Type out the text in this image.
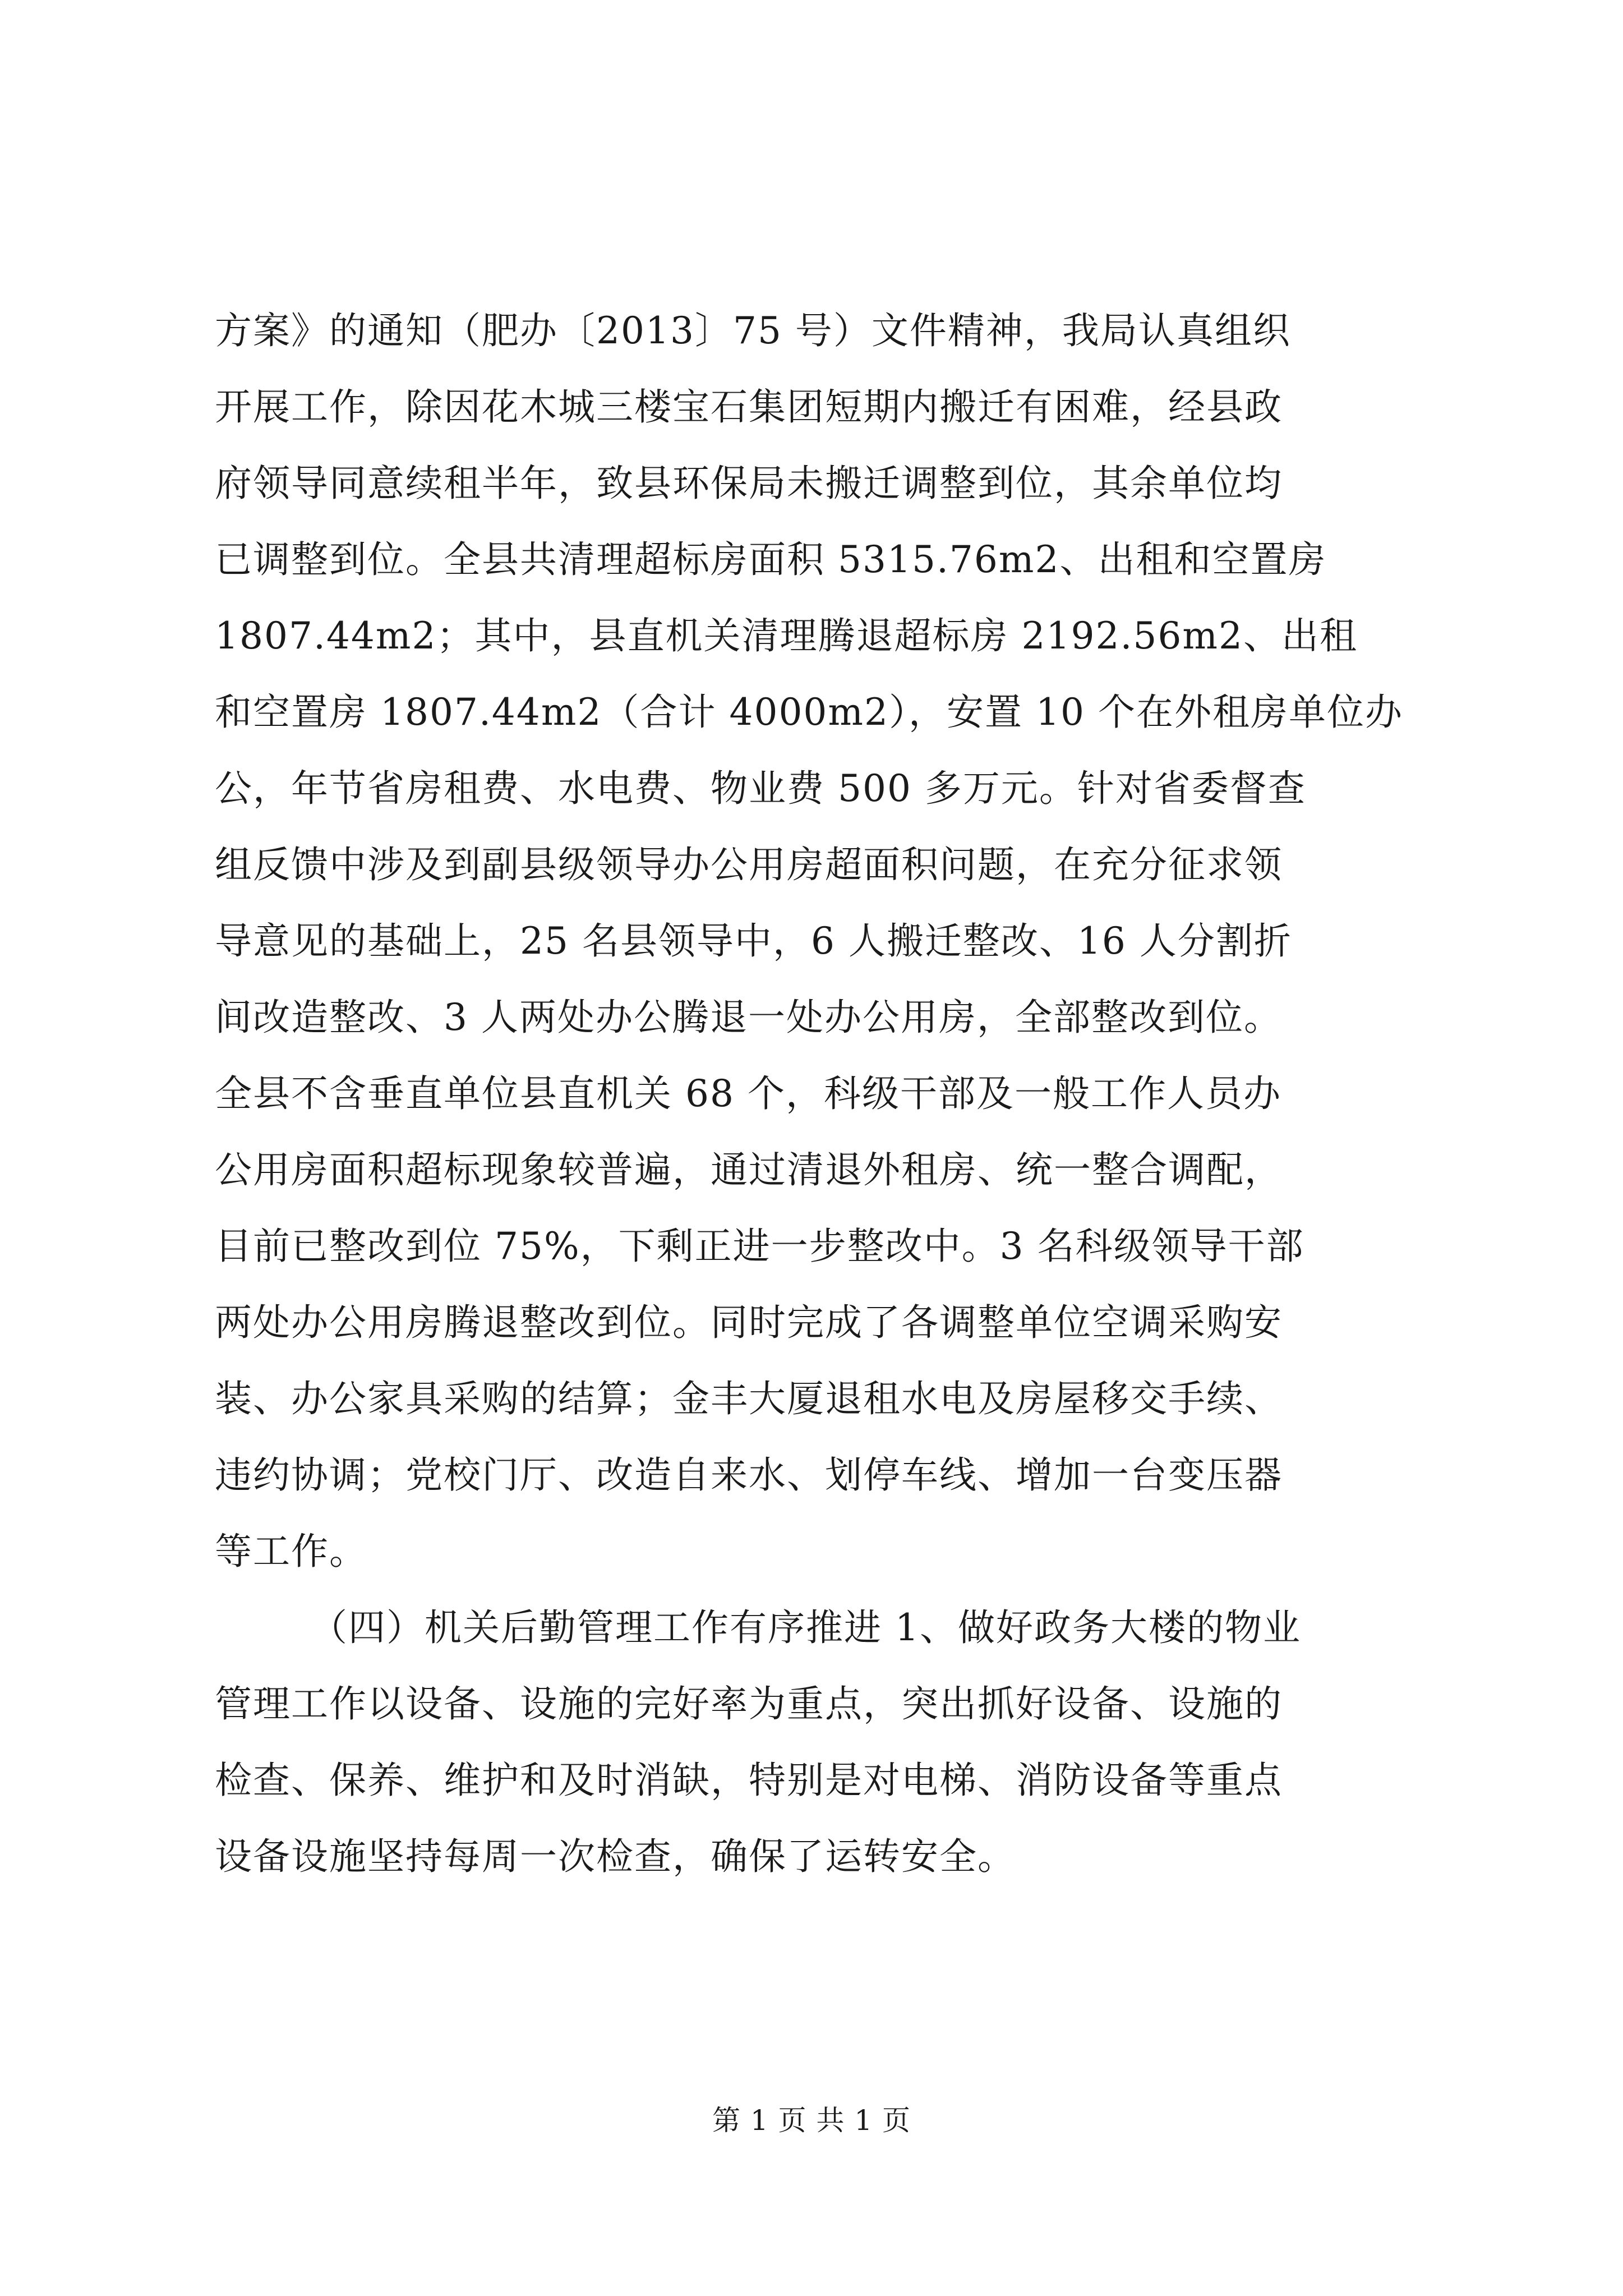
方案》的通知（肥办〔2013〕75 号）文件精神，我局认真组织
开展工作，除因花木城三楼宝石集团短期内搬迁有困难，经县政
府领导同意续租半年，致县环保局未搬迁调整到位，其余单位均
已调整到位。全县共清理超标房面积 5315.76m2、出租和空置房
1807.44m2；其中，县直机关清理腾退超标房 2192.56m2、出租
和空置房 1807.44m2（合计 4000m2），安置 10 个在外租房单位办
公，年节省房租费、水电费、物业费 500 多万元。针对省委督查
组反馈中涉及到副县级领导办公用房超面积问题，在充分征求领
导意见的基础上，25 名县领导中，6 人搬迁整改、16 人分割折
间改造整改、3 人两处办公腾退一处办公用房，全部整改到位。
全县不含垂直单位县直机关 68 个，科级干部及一般工作人员办
公用房面积超标现象较普遍，通过清退外租房、统一整合调配，
目前已整改到位 75%，下剩正进一步整改中。3 名科级领导干部
两处办公用房腾退整改到位。同时完成了各调整单位空调采购安
装、办公家具采购的结算；金丰大厦退租水电及房屋移交手续、
违约协调；党校门厅、改造自来水、划停车线、增加一台变压器
等工作。
（四）机关后勤管理工作有序推进 1、做好政务大楼的物业
管理工作以设备、设施的完好率为重点，突出抓好设备、设施的
检查、保养、维护和及时消缺，特别是对电梯、消防设备等重点
设备设施坚持每周一次检查，确保了运转安全。
第 1 页 共 1 页
